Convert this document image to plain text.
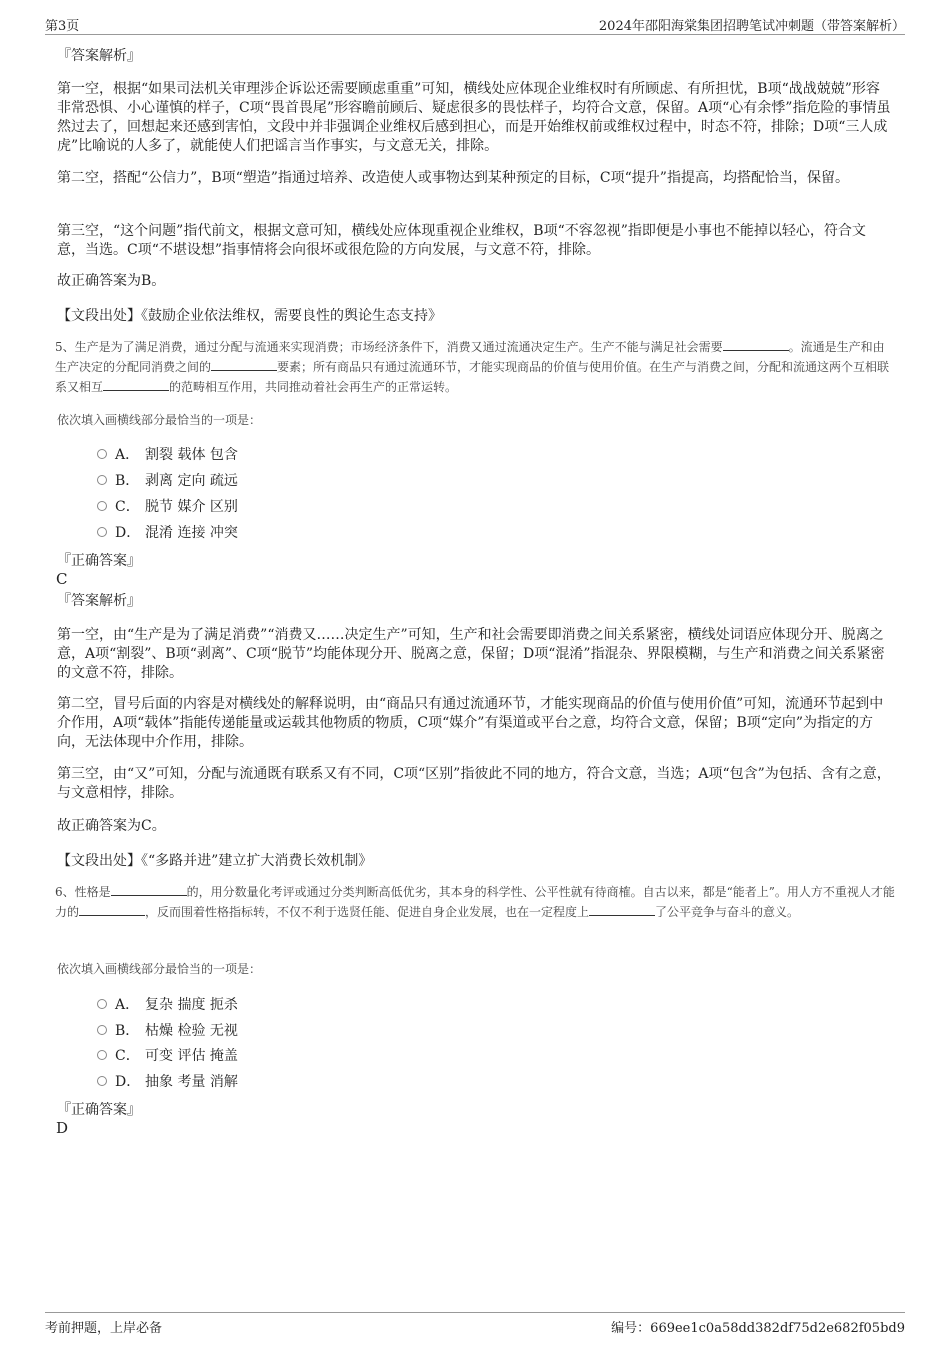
第3页	2024年邵阳海棠集团招聘笔试冲刺题（带答案解析）
『答案解析』
第一空，根据“如果司法机关审理涉企诉讼还需要顾虑重重”可知，横线处应体现企业维权时有所顾虑、有所担忧，B项“战战兢兢”形容非常恐惧、小心谨慎的样子，C项“畏首畏尾”形容瞻前顾后、疑虑很多的畏怯样子，均符合文意，保留。A项“心有余悸”指危险的事情虽然过去了，回想起来还感到害怕，文段中并非强调企业维权后感到担心，而是开始维权前或维权过程中，时态不符，排除；D项“三人成虎”比喻说的人多了，就能使人们把谣言当作事实，与文意无关，排除。
第二空，搭配“公信力”，B项“塑造”指通过培养、改造使人或事物达到某种预定的目标，C项“提升”指提高，均搭配恰当，保留。
第三空，“这个问题”指代前文，根据文意可知，横线处应体现重视企业维权，B项“不容忽视”指即便是小事也不能掉以轻心，符合文意，当选。C项“不堪设想”指事情将会向很坏或很危险的方向发展，与文意不符，排除。
故正确答案为B。
【文段出处】《鼓励企业依法维权，需要良性的舆论生态支持》
5、生产是为了满足消费，通过分配与流通来实现消费；市场经济条件下，消费又通过流通决定生产。生产不能与满足社会需要	。流通是生产和由生产决定的分配同消费之间的	要素；所有商品只有通过流通环节，才能实现商品的价值与使用价值。在生产与消费之间，分配和流通这两个互相联系又相互	的范畴相互作用，共同推动着社会再生产的正常运转。
依次填入画横线部分最恰当的一项是：
A． 割裂 载体 包含
B． 剥离 定向 疏远
C． 脱节 媒介 区别
D． 混淆 连接 冲突
『正确答案』
C
『答案解析』
第一空，由“生产是为了满足消费”“消费又……决定生产”可知，生产和社会需要即消费之间关系紧密，横线处词语应体现分开、脱离之意，A项“割裂”、B项“剥离”、C项“脱节”均能体现分开、脱离之意，保留；D项“混淆”指混杂、界限模糊，与生产和消费之间关系紧密的文意不符，排除。
第二空，冒号后面的内容是对横线处的解释说明，由“商品只有通过流通环节，才能实现商品的价值与使用价值”可知，流通环节起到中介作用，A项“载体”指能传递能量或运载其他物质的物质，C项“媒介”有渠道或平台之意，均符合文意，保留；B项“定向”为指定的方向，无法体现中介作用，排除。
第三空，由“又”可知，分配与流通既有联系又有不同，C项“区别”指彼此不同的地方，符合文意，当选；A项“包含”为包括、含有之意，与文意相悖，排除。
故正确答案为C。
【文段出处】《“多路并进”建立扩大消费长效机制》
6、性格是	的，用分数量化考评或通过分类判断高低优劣，其本身的科学性、公平性就有待商榷。自古以来，都是“能者上”。用人方不重视人才能力的	，反而围着性格指标转，不仅不利于选贤任能、促进自身企业发展，也在一定程度上	了公平竞争与奋斗的意义。
依次填入画横线部分最恰当的一项是：
A． 复杂 揣度 扼杀
B． 枯燥 检验 无视
C． 可变 评估 掩盖
D． 抽象 考量 消解
『正确答案』
D
考前押题，上岸必备	编号：669ee1c0a58dd382df75d2e682f05bd9
